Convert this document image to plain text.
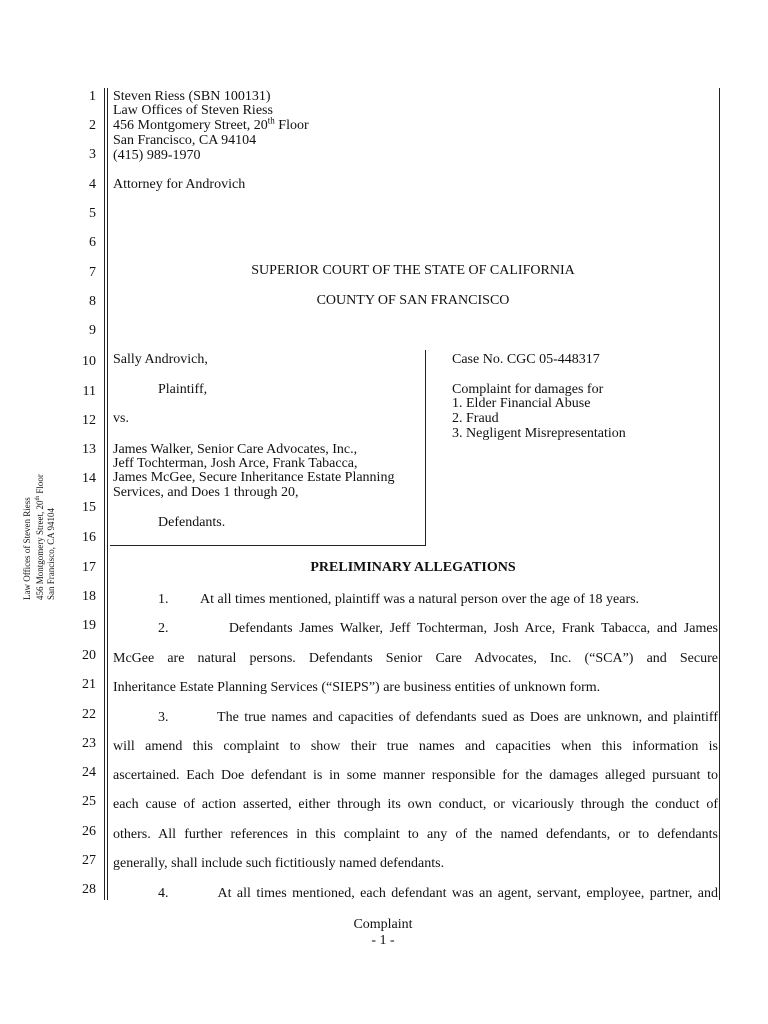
Law Offices of Steven Riess 456 Montgomery Street, 20th Floor
San Francisco, CA 94104
1
2
3
4
5
6
7
8
9
10
11
12
13
14
15
16
17
18
19
20
21
22
23
24
25
26
27
28
Steven Riess (SBN 100131)
Law Offices of Steven Riess
456 Montgomery Street, 20th Floor
San Francisco, CA 94104
(415) 989-1970
Attorney for Androvich
SUPERIOR COURT OF THE STATE OF CALIFORNIA
COUNTY OF SAN FRANCISCO
Sally Androvich,
Plaintiff,
vs.
James Walker, Senior Care Advocates, Inc.,
Jeff Tochterman, Josh Arce, Frank Tabacca,
James McGee, Secure Inheritance Estate Planning
Services, and Does 1 through 20,
Defendants.
Case No. CGC 05-448317
Complaint for damages for
1. Elder Financial Abuse
2. Fraud
3. Negligent Misrepresentation
PRELIMINARY ALLEGATIONS
1.         At all times mentioned, plaintiff was a natural person over the age of 18 years.
2.         Defendants James Walker, Jeff Tochterman, Josh Arce, Frank Tabacca, and James
McGee are natural persons. Defendants Senior Care Advocates, Inc. (“SCA”) and Secure
Inheritance Estate Planning Services (“SIEPS”) are business entities of unknown form.
3.         The true names and capacities of defendants sued as Does are unknown, and plaintiff
will amend this complaint to show their true names and capacities when this information is
ascertained. Each Doe defendant is in some manner responsible for the damages alleged pursuant to
each cause of action asserted, either through its own conduct, or vicariously through the conduct of
others. All further references in this complaint to any of the named defendants, or to defendants
generally, shall include such fictitiously named defendants.
4.         At all times mentioned, each defendant was an agent, servant, employee, partner, and
Complaint
- 1 -
